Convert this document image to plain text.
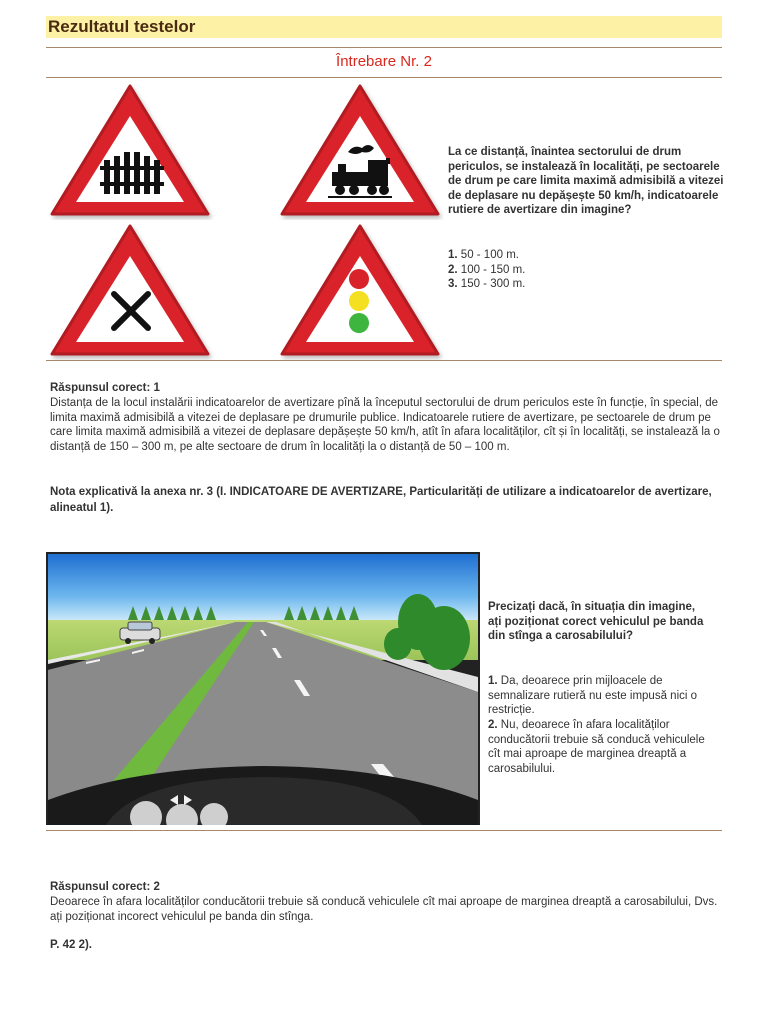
Rezultatul testelor
Întrebare Nr. 2
La ce distanță, înaintea sectorului de drum periculos, se instalează în localități, pe sectoarele de drum pe care limita maximă admisibilă a vitezei de deplasare nu depășește 50 km/h, indicatoarele rutiere de avertizare din imagine?
1. 50 - 100 m.
2. 100 - 150 m.
3. 150 - 300 m.
Răspunsul corect: 1
Distanța de la locul instalării indicatoarelor de avertizare pînă la începutul sectorului de drum periculos este în funcție, în special, de limita maximă admisibilă a vitezei de deplasare pe drumurile publice. Indicatoarele rutiere de avertizare, pe sectoarele de drum pe care limita maximă admisibilă a vitezei de deplasare depășește 50 km/h, atît în afara localităților, cît și în localități, se instalează la o distanță de 150 – 300 m, pe alte sectoare de drum în localități la o distanță de 50 – 100 m.
Nota explicativă la anexa nr. 3 (I. INDICATOARE DE AVERTIZARE, Particularități de utilizare a indicatoarelor de avertizare, alineatul 1).
Precizați dacă, în situația din imagine, ați poziționat corect vehiculul pe banda din stînga a carosabilului?
1. Da, deoarece prin mijloacele de semnalizare rutieră nu este impusă nici o restricție.
2. Nu, deoarece în afara localităților conducătorii trebuie să conducă vehiculele cît mai aproape de marginea dreaptă a carosabilului.
Răspunsul corect: 2
Deoarece în afara localităților conducătorii trebuie să conducă vehiculele cît mai aproape de marginea dreaptă a carosabilului, Dvs. ați poziționat incorect vehiculul pe banda din stînga.
P. 42 2).
